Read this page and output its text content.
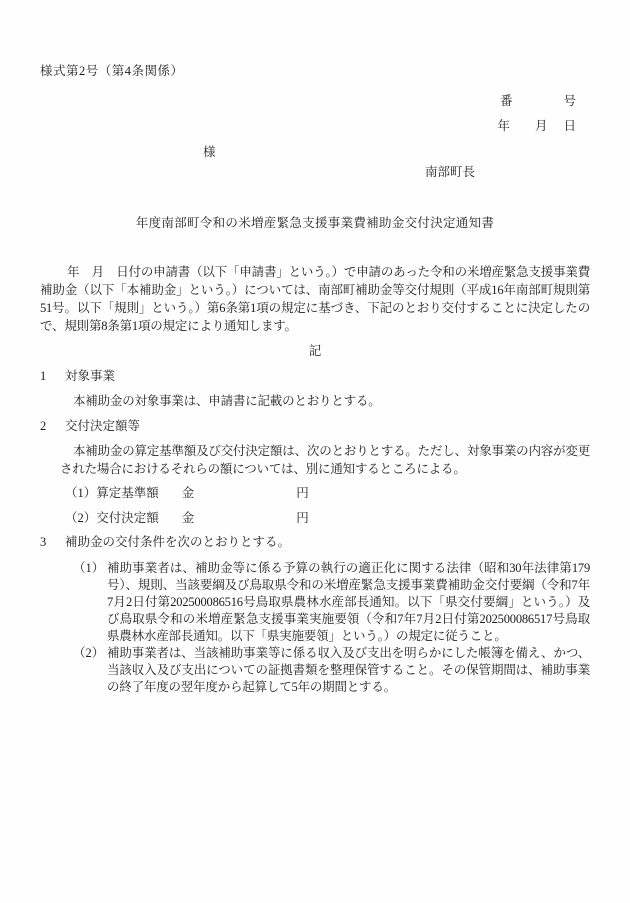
様式第2号（第4条関係）
番	号
年 月 日
様
南部町長
年度南部町令和の米増産緊急支援事業費補助金交付決定通知書
年　月　日付の申請書（以下「申請書」という。）で申請のあった令和の米増産緊急支援事業費補助金（以下「本補助金」という。）については、南部町補助金等交付規則（平成16年南部町規則第51号。以下「規則」という。）第6条第1項の規定に基づき、下記のとおり交付することに決定したので、規則第8条第1項の規定により通知します。
記
1	対象事業
本補助金の対象事業は、申請書に記載のとおりとする。
2	交付決定額等
本補助金の算定基準額及び交付決定額は、次のとおりとする。ただし、対象事業の内容が変更された場合におけるそれらの額については、別に通知するところによる。
（1）算定基準額 金	円
（2）交付決定額 金	円
3	補助金の交付条件を次のとおりとする。
（1） 補助事業者は、補助金等に係る予算の執行の適正化に関する法律（昭和30年法律第179号）、規則、当該要綱及び鳥取県令和の米増産緊急支援事業費補助金交付要綱（令和7年7月2日付第202500086516号鳥取県農林水産部長通知。以下「県交付要綱」という。）及び鳥取県令和の米増産緊急支援事業実施要領（令和7年7月2日付第202500086517号鳥取県農林水産部長通知。以下「県実施要領」という。）の規定に従うこと。
（2） 補助事業者は、当該補助事業等に係る収入及び支出を明らかにした帳簿を備え、かつ、当該収入及び支出についての証拠書類を整理保管すること。その保管期間は、補助事業の終了年度の翌年度から起算して5年の期間とする。
